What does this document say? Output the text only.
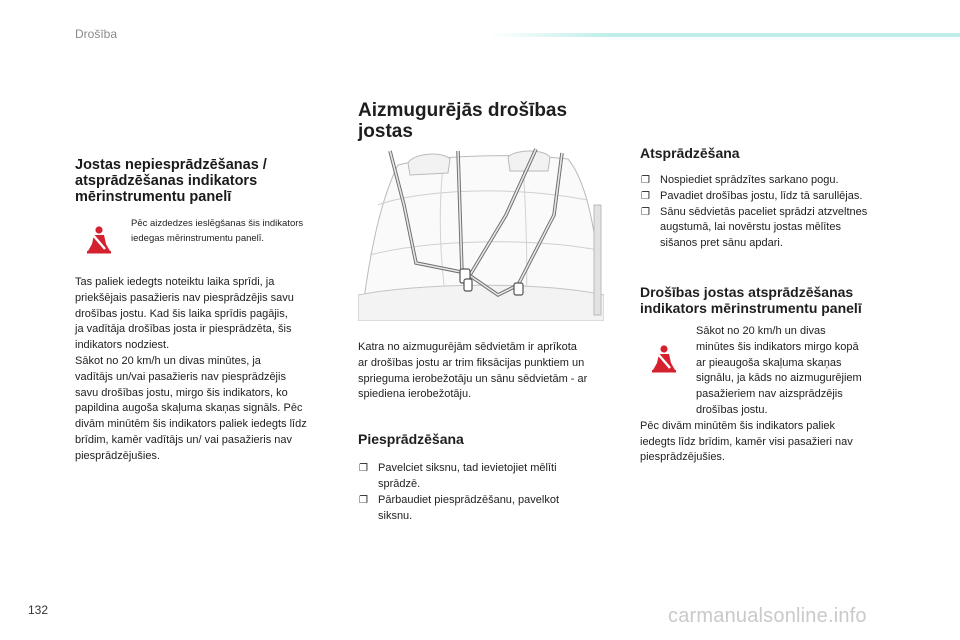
Drošība
Jostas nepiesprādzēšanas /
atsprādzēšanas indikators
mērinstrumentu panelī

Pēc aizdedzes ieslēgšanas šis indikators
iedegas mērinstrumentu panelī.

Tas paliek iedegts noteiktu laika sprīdi, ja
priekšējais pasažieris nav piesprādzējis savu
drošības jostu. Kad šis laika sprīdis pagājis,
ja vadītāja drošības josta ir piesprādzēta, šis
indikators nodziest.
Sākot no 20 km/h un divas minūtes, ja
vadītājs un/vai pasažieris nav piesprādzējis
savu drošības jostu, mirgo šis indikators, ko
papildina augoša skaļuma skaņas signāls. Pēc
divām minūtēm šis indikators paliek iedegts līdz
brīdim, kamēr vadītājs un/ vai pasažieris nav
piesprādzējušies.

Aizmugurējās drošības
jostas

Katra no aizmugurējām sēdvietām ir aprīkota
ar drošības jostu ar trim fiksācijas punktiem un
spriegumа ierobežotāju un sānu sēdvietām - ar
spiediena ierobežotāju.

Piesprādzēšana
❐ Pavelciet siksnu, tad ievietojiet mēlīti
sprādzē.
❐ Pārbaudiet piesprādzēšanu, pavelkot
siksnu.
Atsprādzēšana
❐ Nospiediet sprādzītes sarkano pogu.
❐ Pavadiet drošības jostu, līdz tā sarullējas.
❐ Sānu sēdvietās paceliet sprādzi atzveltnes
augstumā, lai novērstu jostas mēlītes
sišanos pret sānu apdari.
Drošības jostas atsprādzēšanas
indikators mērinstrumentu panelī

Sākot no 20 km/h un divas
minūtes šis indikators mirgo kopā
ar pieaugoša skaļuma skaņas
signālu, ja kāds no aizmugurējiem
pasažieriem nav aizsprādzējis
drošības jostu.

Pēc divām minūtēm šis indikators paliek
iedegts līdz brīdim, kamēr visi pasažieri nav
piesprādzējušies.

132	carmanualsonline.info
